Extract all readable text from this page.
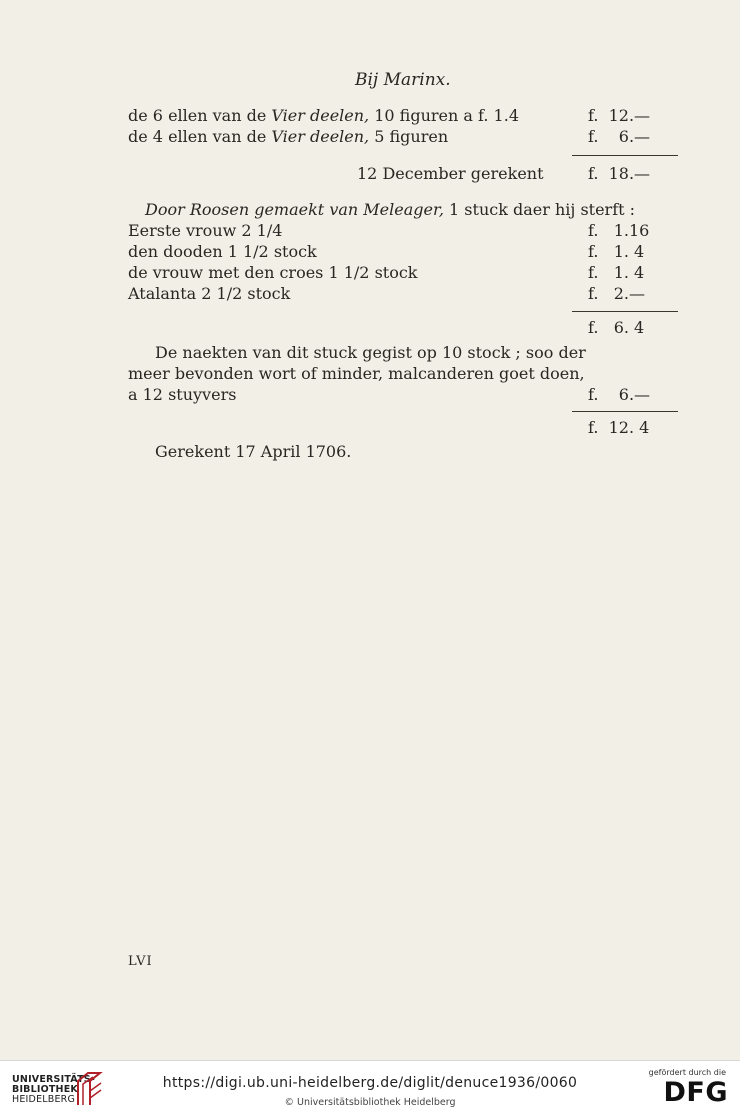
Bij Marinx.
de 6 ellen van de Vier deelen, 10 figuren a f. 1.4	f.  12.—
de 4 ellen van de Vier deelen, 5 figuren	f.    6.—
12 December gerekent	f.  18.—
Door Roosen gemaekt van Meleager, 1 stuck daer hij sterft :
Eerste vrouw 2 1/4	f.   1.16
den dooden 1 1/2 stock	f.   1. 4
de vrouw met den croes 1 1/2 stock	f.   1. 4
Atalanta 2 1/2 stock	f.   2.—
f.   6. 4
De naekten van dit stuck gegist op 10 stock ; soo der
meer bevonden wort of minder, malcanderen goet doen,
a 12 stuyvers	f.    6.—
f.  12. 4
Gerekent 17 April 1706.
LVI
UNIVERSITÄTS-
BIBLIOTHEK
HEIDELBERG
https://digi.ub.uni-heidelberg.de/diglit/denuce1936/0060
© Universitätsbibliothek Heidelberg
gefördert durch die
DFG
